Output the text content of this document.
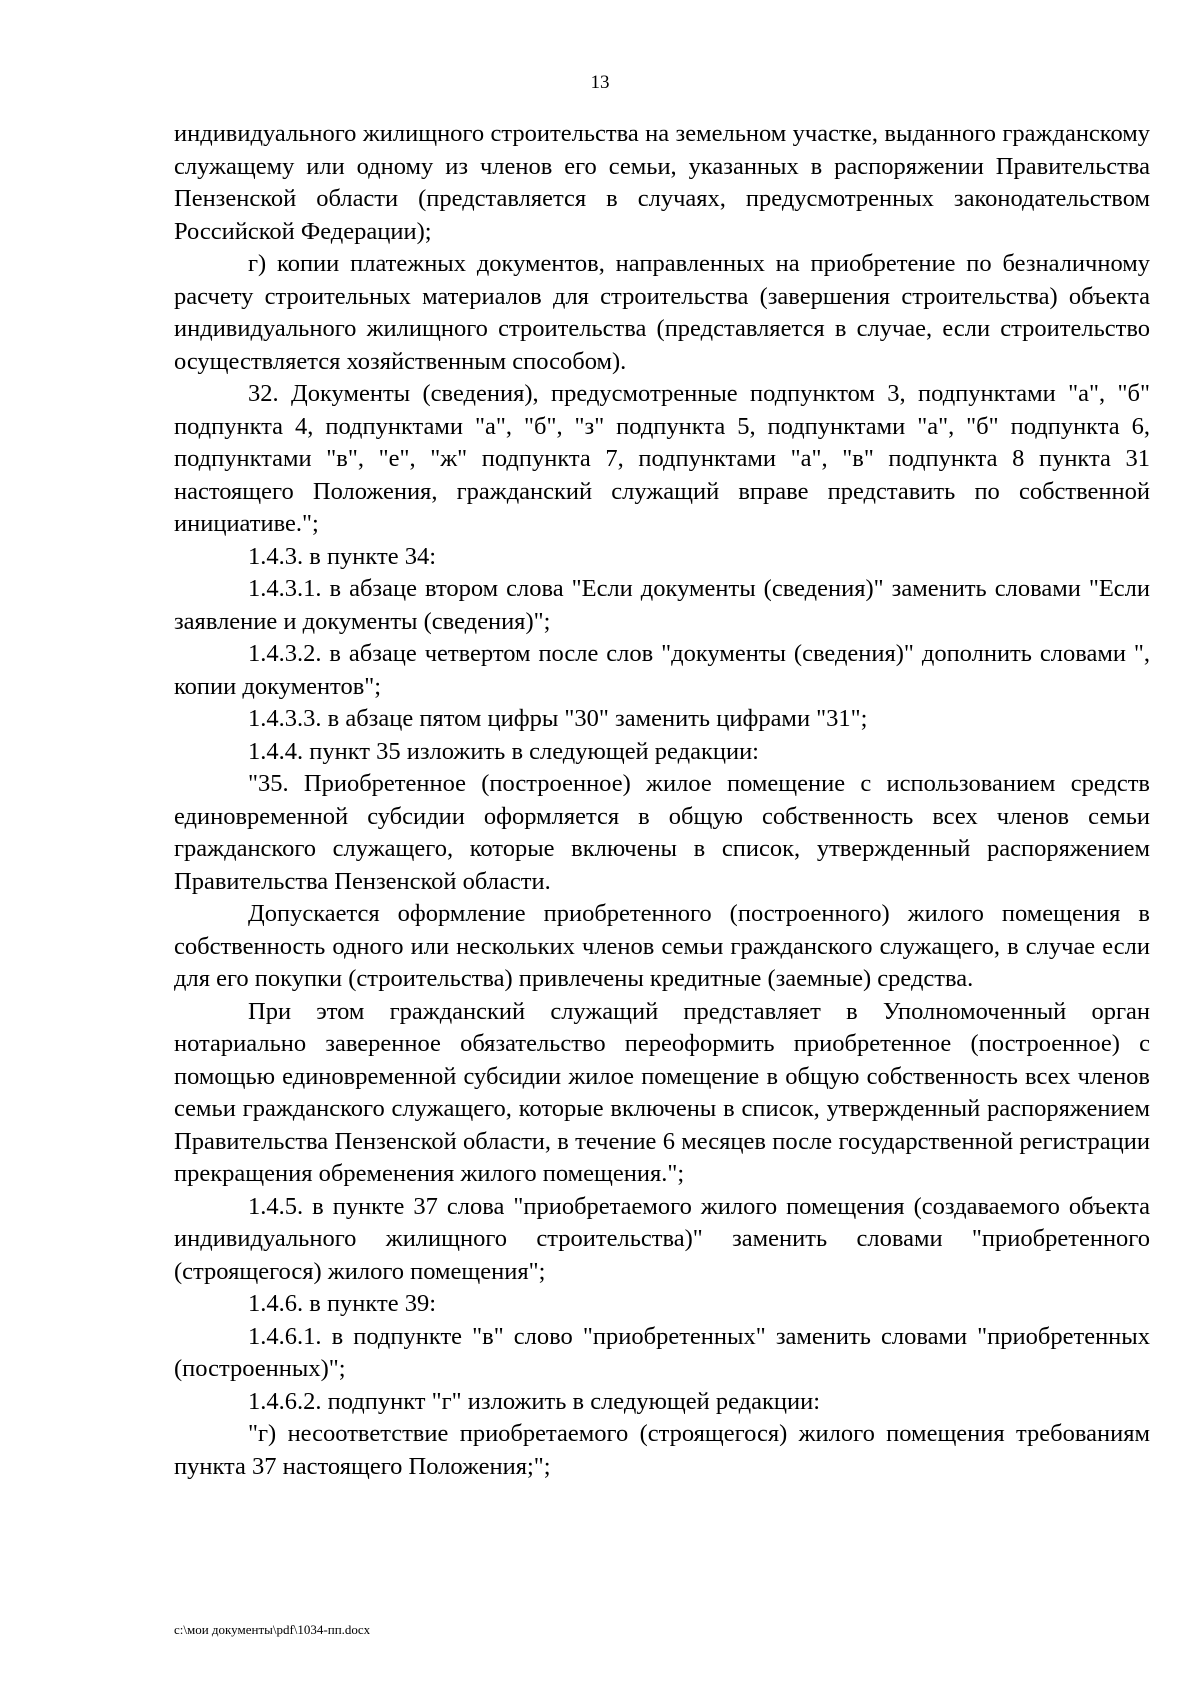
13

индивидуального жилищного строительства на земельном участке, выданного гражданскому служащему или одному из членов его семьи, указанных в распоряжении Правительства Пензенской области (представляется в случаях, предусмотренных законодательством Российской Федерации);

г) копии платежных документов, направленных на приобретение по безналичному расчету строительных материалов для строительства (завершения строительства) объекта индивидуального жилищного строительства (представляется в случае, если строительство осуществляется хозяйственным способом).

32. Документы (сведения), предусмотренные подпунктом 3, подпунктами "а", "б" подпункта 4, подпунктами "а", "б", "з" подпункта 5, подпунктами "а", "б" подпункта 6, подпунктами "в", "е", "ж" подпункта 7, подпунктами "а", "в" подпункта 8 пункта 31 настоящего Положения, гражданский служащий вправе представить по собственной инициативе.";

1.4.3. в пункте 34:

1.4.3.1. в абзаце втором слова "Если документы (сведения)" заменить словами "Если заявление и документы (сведения)";

1.4.3.2. в абзаце четвертом после слов "документы (сведения)" дополнить словами ", копии документов";

1.4.3.3. в абзаце пятом цифры "30" заменить цифрами "31";

1.4.4. пункт 35 изложить в следующей редакции:

"35. Приобретенное (построенное) жилое помещение с использованием средств единовременной субсидии оформляется в общую собственность всех членов семьи гражданского служащего, которые включены в список, утвержденный распоряжением Правительства Пензенской области.

Допускается оформление приобретенного (построенного) жилого помещения в собственность одного или нескольких членов семьи гражданского служащего, в случае если для его покупки (строительства) привлечены кредитные (заемные) средства.

При этом гражданский служащий представляет в Уполномоченный орган нотариально заверенное обязательство переоформить приобретенное (построенное) с помощью единовременной субсидии жилое помещение в общую собственность всех членов семьи гражданского служащего, которые включены в список, утвержденный распоряжением Правительства Пензенской области, в течение 6 месяцев после государственной регистрации прекращения обременения жилого помещения.";

1.4.5. в пункте 37 слова "приобретаемого жилого помещения (создаваемого объекта индивидуального жилищного строительства)" заменить словами "приобретенного (строящегося) жилого помещения";

1.4.6. в пункте 39:

1.4.6.1. в подпункте "в" слово "приобретенных" заменить словами "приобретенных (построенных)";

1.4.6.2. подпункт "г" изложить в следующей редакции:

"г) несоответствие приобретаемого (строящегося) жилого помещения требованиям пункта 37 настоящего Положения;";

c:\мои документы\pdf\1034-пп.docx
